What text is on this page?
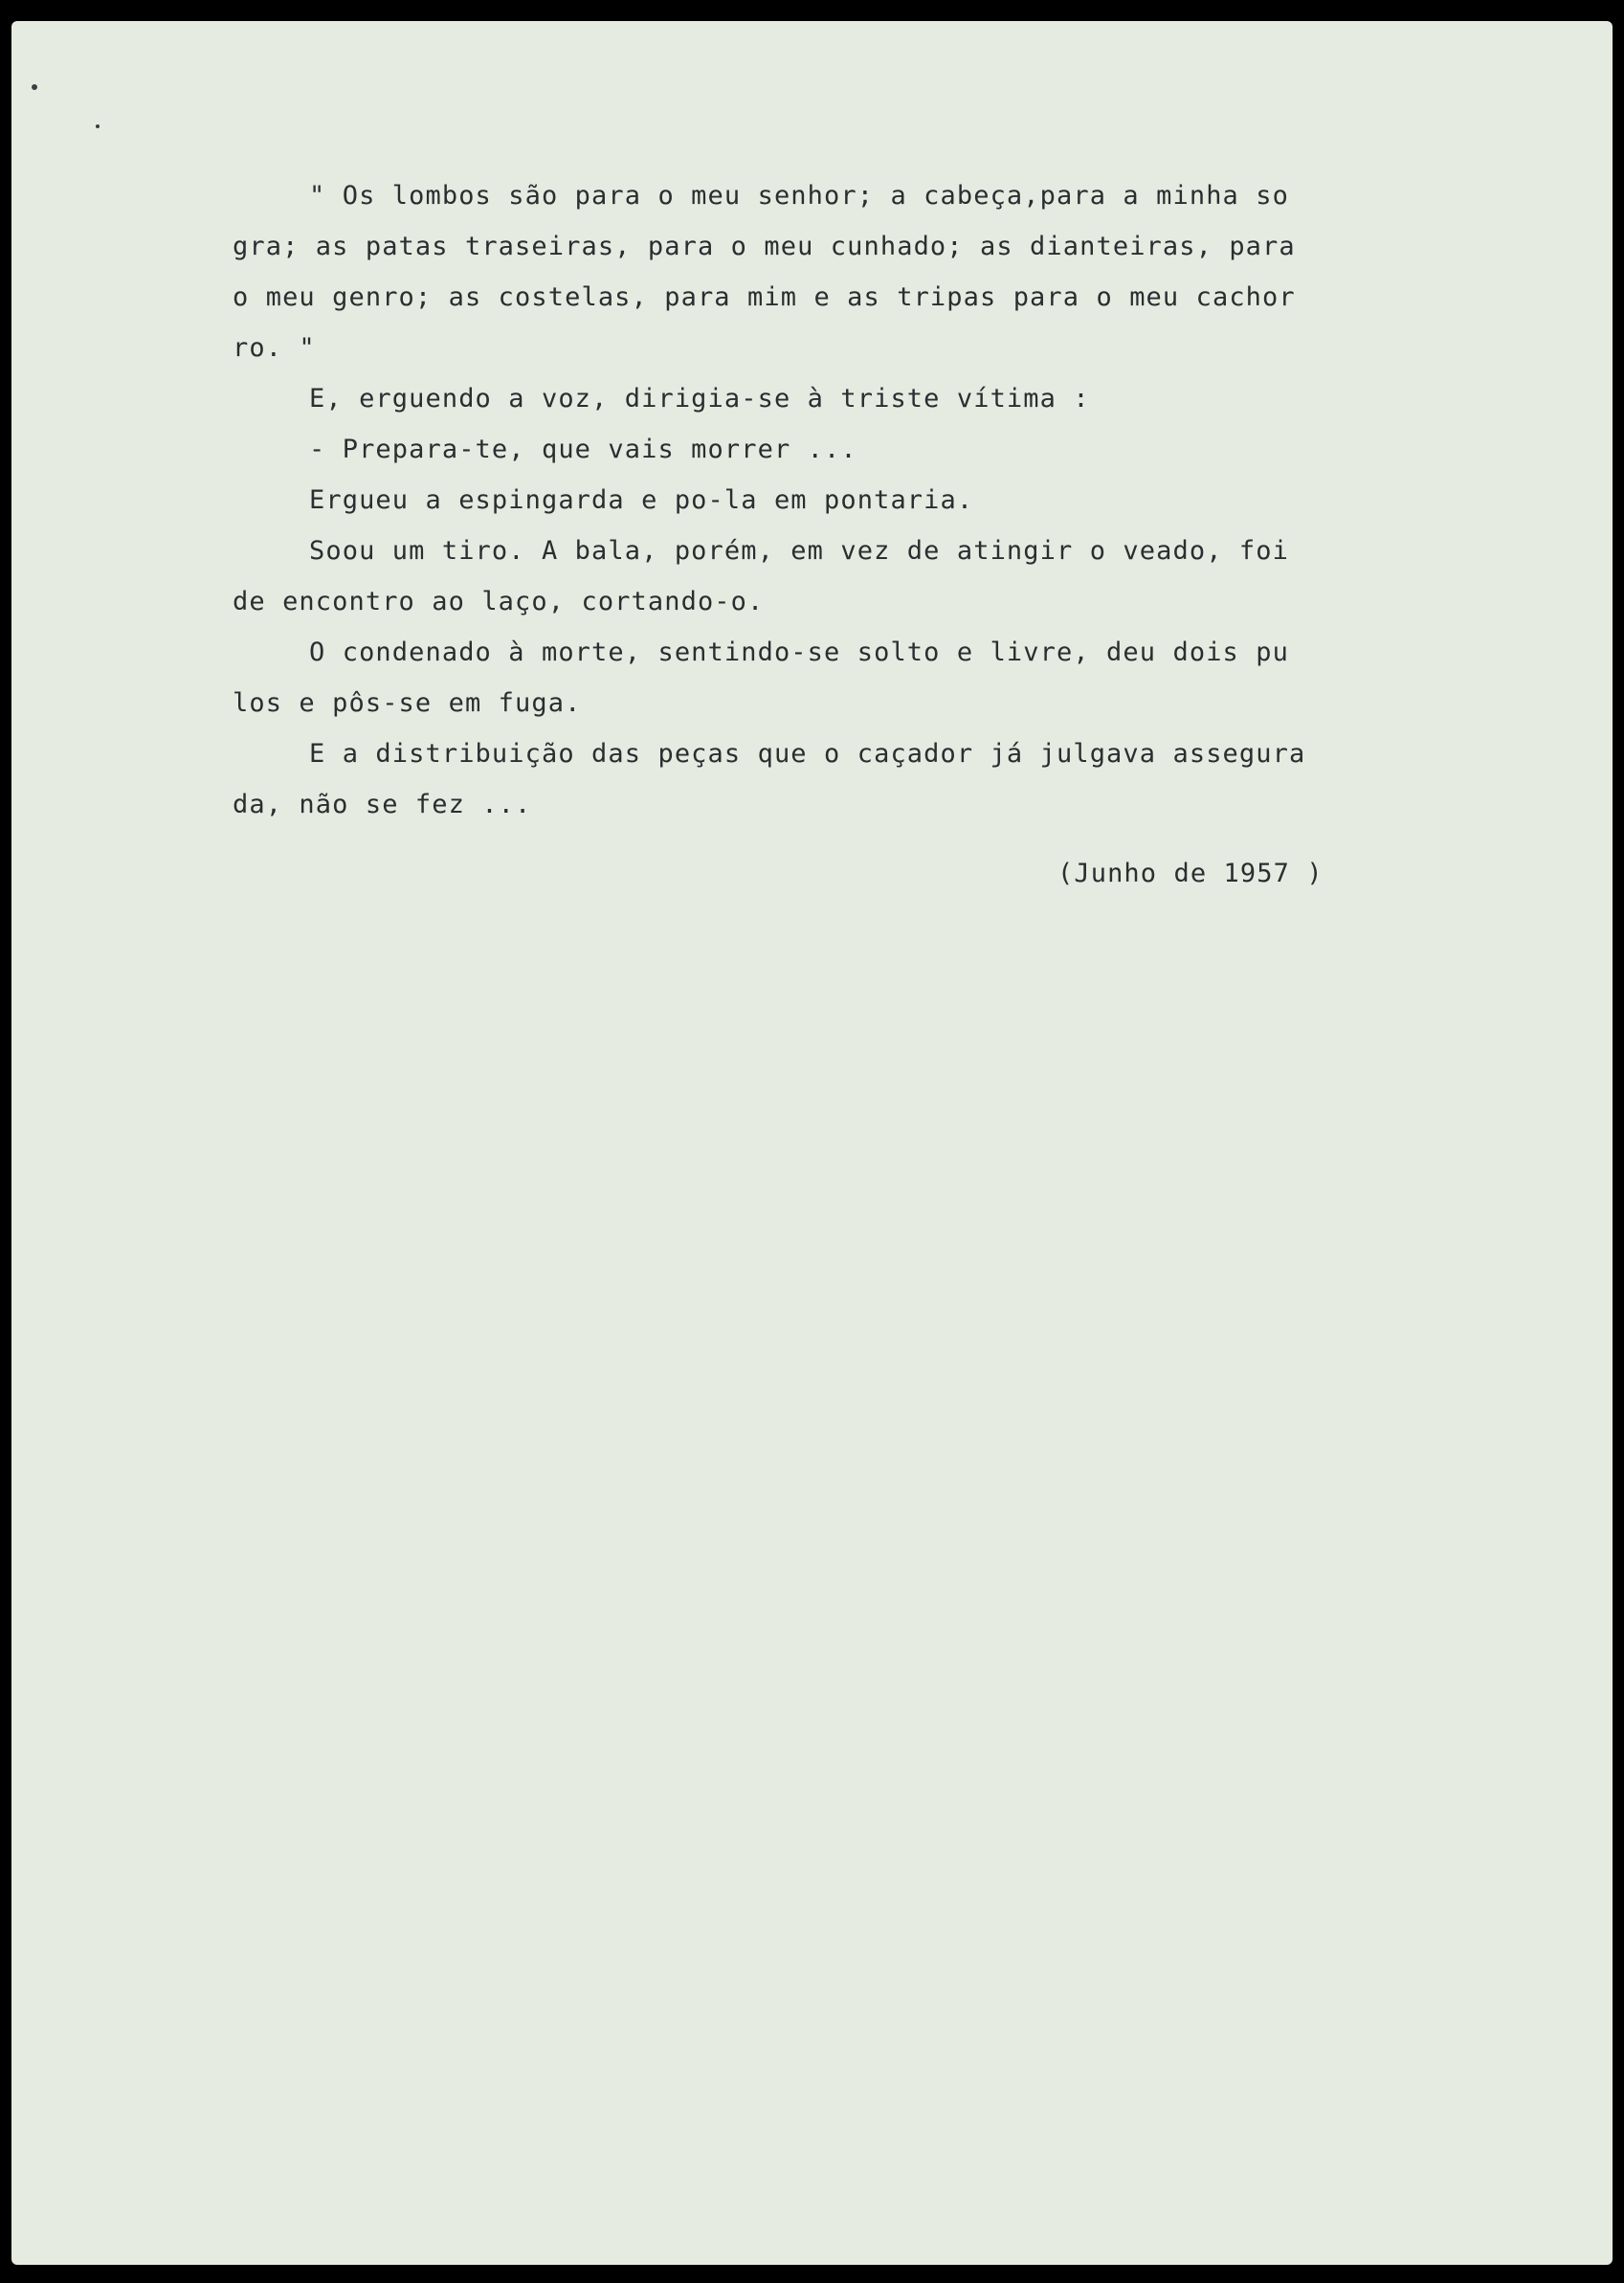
" Os lombos são para o meu senhor; a cabeça,para a minha so
gra; as patas traseiras, para o meu cunhado; as dianteiras, para
o meu genro; as costelas, para mim e as tripas para o meu cachor
ro. "
E, erguendo a voz, dirigia-se à triste vítima :
- Prepara-te, que vais morrer ...
Ergueu a espingarda e po-la em pontaria.
Soou um tiro. A bala, porém, em vez de atingir o veado, foi
de encontro ao laço, cortando-o.
O condenado à morte, sentindo-se solto e livre, deu dois pu
los e pôs-se em fuga.
E a distribuição das peças que o caçador já julgava assegura
da, não se fez ...
(Junho de 1957 )
